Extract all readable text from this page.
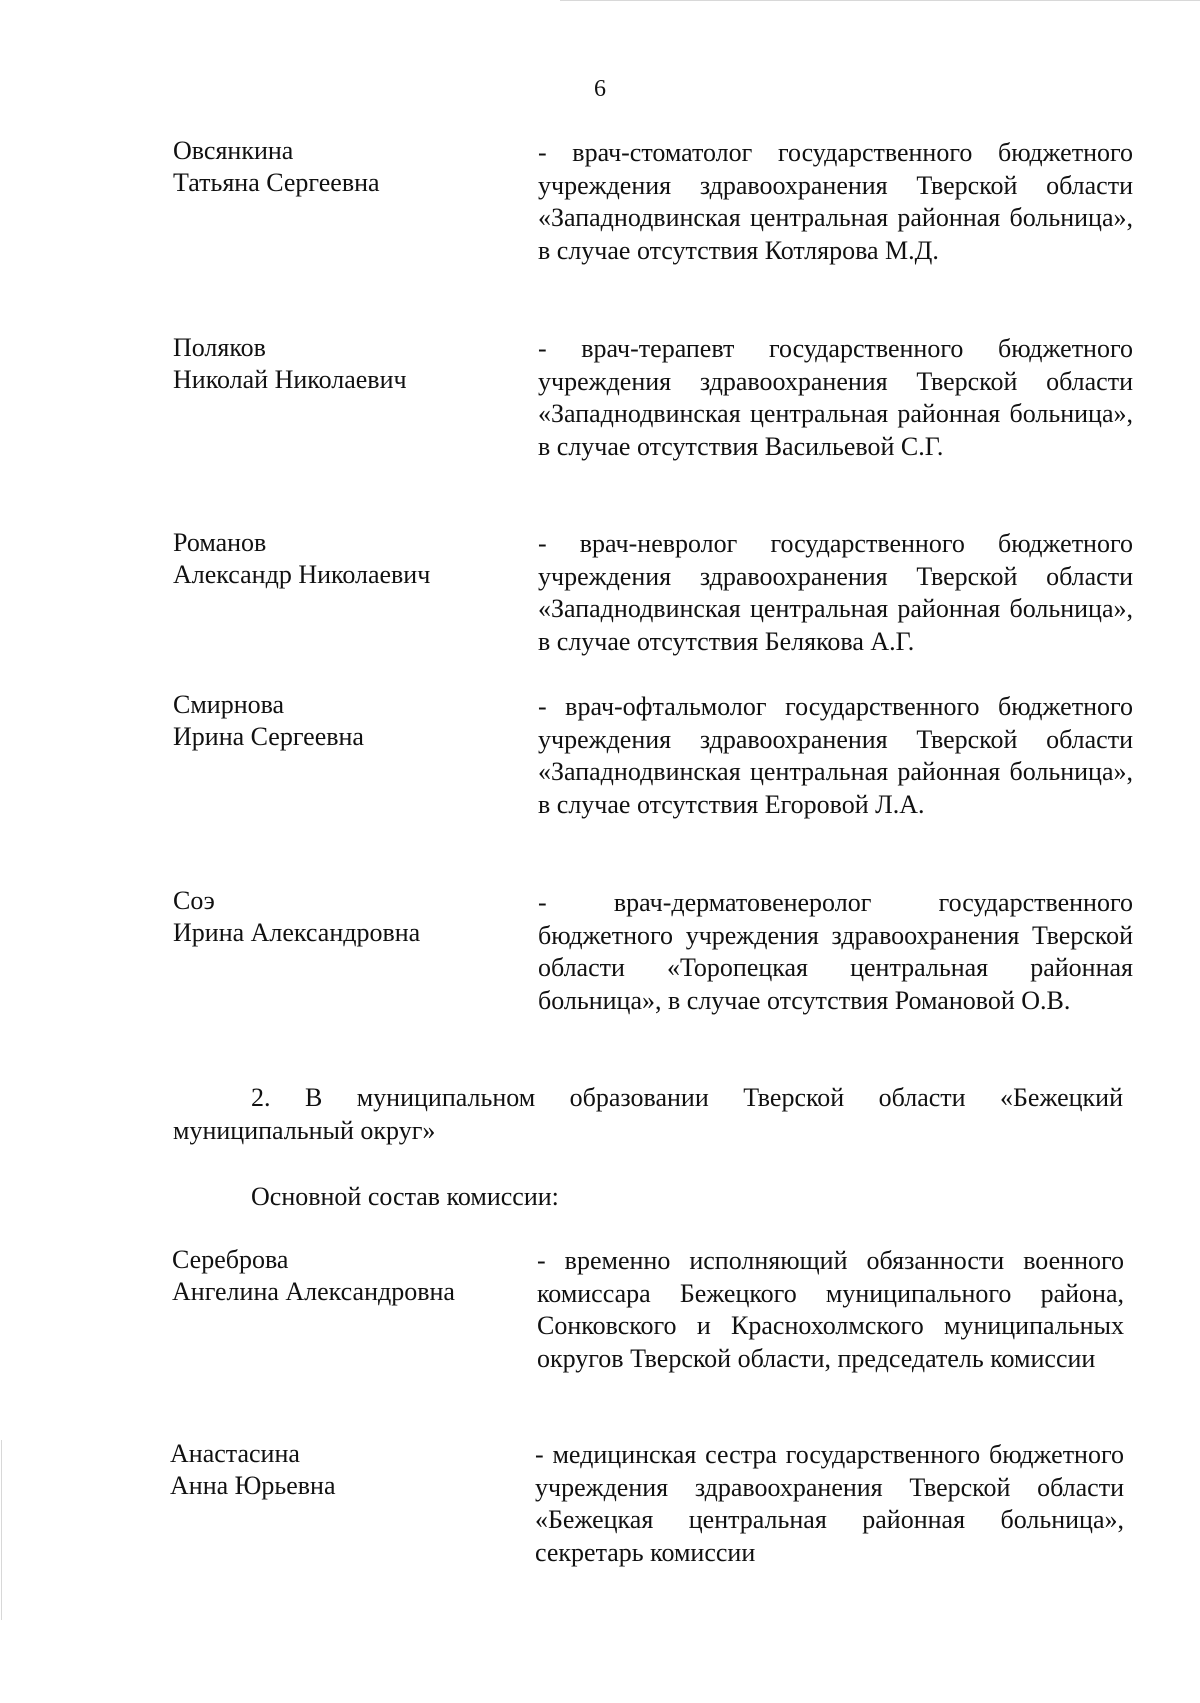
6
Овсянкина
Татьяна Сергеевна
- врач-стоматолог государственного бюджетного учреждения здравоохранения Тверской области «Западнодвинская центральная районная больница», в случае отсутствия Котлярова М.Д.
Поляков
Николай Николаевич
- врач-терапевт государственного бюджетного учреждения здравоохранения Тверской области «Западнодвинская центральная районная больница», в случае отсутствия Васильевой С.Г.
Романов
Александр Николаевич
- врач-невролог государственного бюджетного учреждения здравоохранения Тверской области «Западнодвинская центральная районная больница», в случае отсутствия Белякова А.Г.
Смирнова
Ирина Сергеевна
- врач-офтальмолог государственного бюджетного учреждения здравоохранения Тверской области «Западнодвинская центральная районная больница», в случае отсутствия Егоровой Л.А.
Соэ
Ирина Александровна
- врач-дерматовенеролог государственного бюджетного учреждения здравоохранения Тверской области «Торопецкая центральная районная больница», в случае отсутствия Романовой О.В.
2. В муниципальном образовании Тверской области «Бежецкий муниципальный округ»
Основной состав комиссии:
Сереброва
Ангелина Александровна
- временно исполняющий обязанности военного комиссара Бежецкого муниципального района, Сонковского и Краснохолмского муниципальных округов Тверской области, председатель комиссии
Анастасина
Анна Юрьевна
- медицинская сестра государственного бюджетного учреждения здравоохранения Тверской области «Бежецкая центральная районная больница», секретарь комиссии
